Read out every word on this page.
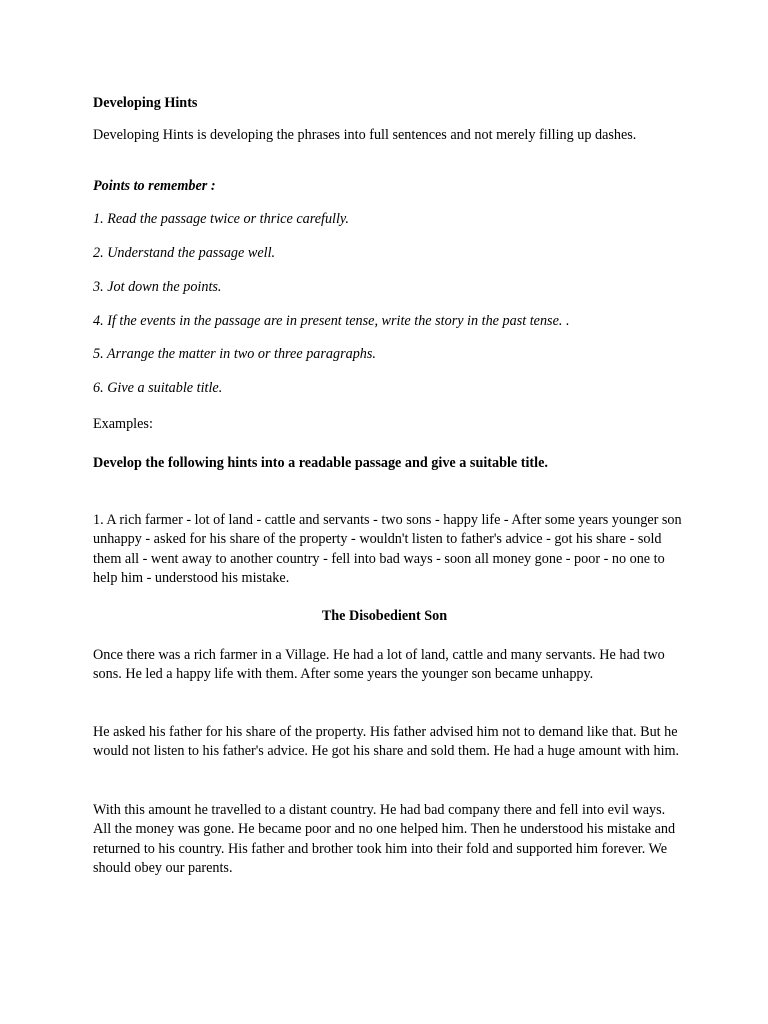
Developing Hints

Developing Hints is developing the phrases into full sentences and not merely filling up dashes.

Points to remember :

1. Read the passage twice or thrice carefully.

2. Understand the passage well.

3. Jot down the points.

4. If the events in the passage are in present tense, write the story in the past tense. .

5. Arrange the matter in two or three paragraphs.

6. Give a suitable title.

Examples:

Develop the following hints into a readable passage and give a suitable title.

1. A rich farmer - lot of land - cattle and servants - two sons - happy life - After some years younger son unhappy - asked for his share of the property - wouldn't listen to father's advice - got his share - sold them all - went away to another country - fell into bad ways - soon all money gone - poor - no one to help him - understood his mistake.

The Disobedient Son

Once there was a rich farmer in a Village. He had a lot of land, cattle and many servants. He had two sons. He led a happy life with them. After some years the younger son became unhappy.

He asked his father for his share of the property. His father advised him not to demand like that. But he would not listen to his father's advice. He got his share and sold them. He had a huge amount with him.

With this amount he travelled to a distant country. He had bad company there and fell into evil ways. All the money was gone. He became poor and no one helped him. Then he understood his mistake and returned to his country. His father and brother took him into their fold and supported him forever. We should obey our parents.
